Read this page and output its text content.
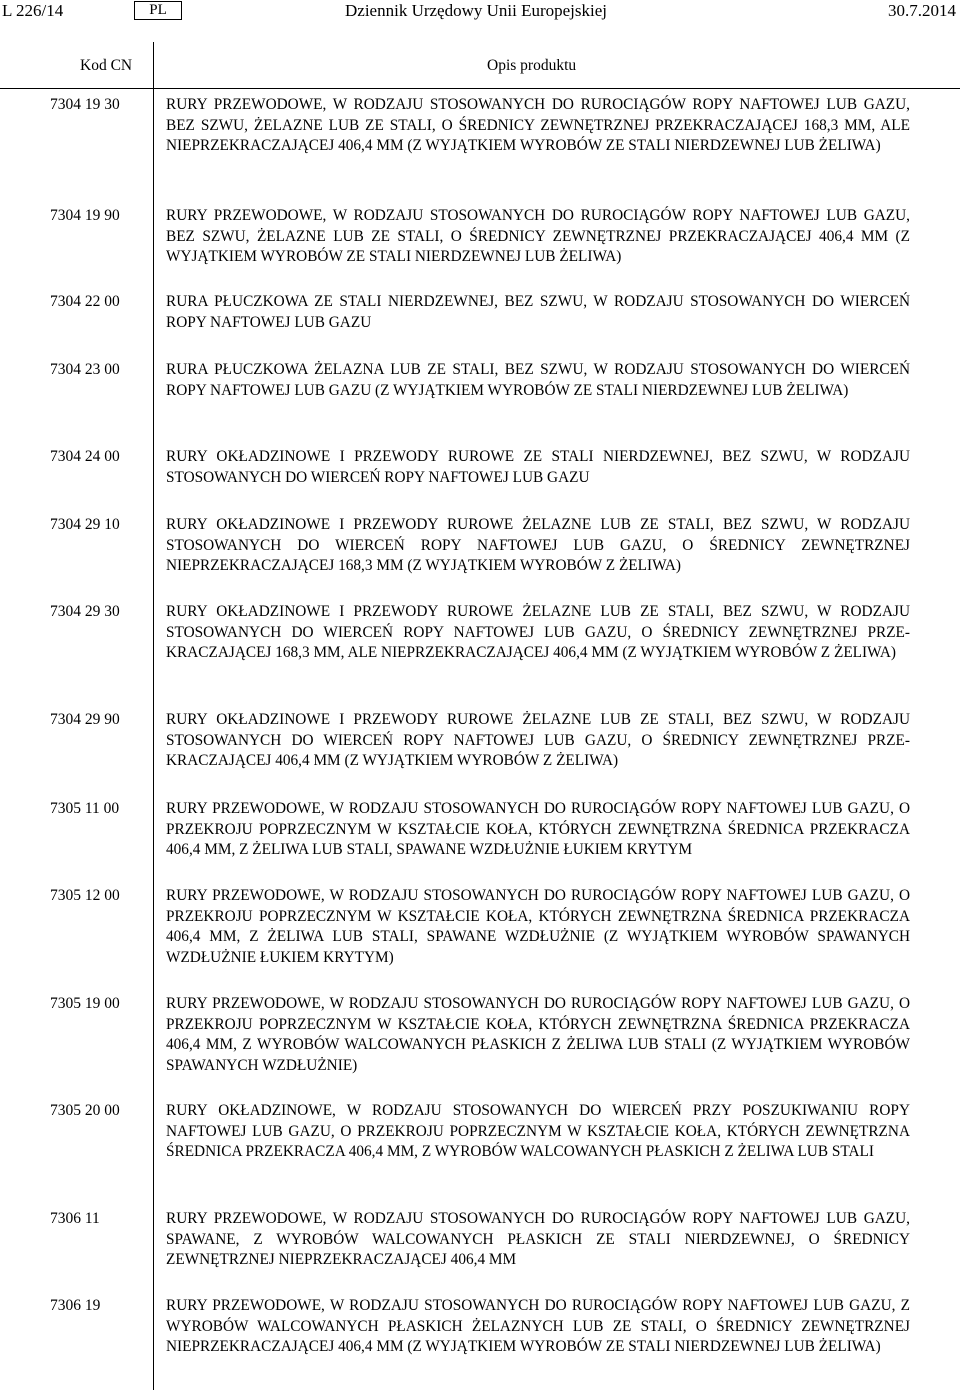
L 226/14	PL	Dziennik Urzędowy Unii Europejskiej	30.7.2014
Kod CN	Opis produktu
7304 19 30	RURY PRZEWODOWE, W RODZAJU STOSOWANYCH DO RUROCIĄGÓW ROPY NAFTOWEJ LUB GAZU, BEZ SZWU, ŻELAZNE LUB ZE STALI, O ŚREDNICY ZEWNĘTRZNEJ PRZEKRACZAJĄCEJ 168,3 MM, ALE NIEPRZEKRACZAJĄCEJ 406,4 MM (Z WYJĄTKIEM WYROBÓW ZE STALI NIERDZEWNEJ LUB ŻELIWA)
7304 19 90	RURY PRZEWODOWE, W RODZAJU STOSOWANYCH DO RUROCIĄGÓW ROPY NAFTOWEJ LUB GAZU, BEZ SZWU, ŻELAZNE LUB ZE STALI, O ŚREDNICY ZEWNĘTRZNEJ PRZEKRACZAJĄCEJ 406,4 MM (Z WYJĄTKIEM WYROBÓW ZE STALI NIERDZEWNEJ LUB ŻELIWA)
7304 22 00	RURA PŁUCZKOWA ZE STALI NIERDZEWNEJ, BEZ SZWU, W RODZAJU STOSOWANYCH DO WIERCEŃ ROPY NAFTOWEJ LUB GAZU
7304 23 00	RURA PŁUCZKOWA ŻELAZNA LUB ZE STALI, BEZ SZWU, W RODZAJU STOSOWANYCH DO WIERCEŃ ROPY NAFTOWEJ LUB GAZU (Z WYJĄTKIEM WYROBÓW ZE STALI NIERDZEWNEJ LUB ŻELIWA)
7304 24 00	RURY OKŁADZINOWE I PRZEWODY RUROWE ZE STALI NIERDZEWNEJ, BEZ SZWU, W RODZAJU STOSOWANYCH DO WIERCEŃ ROPY NAFTOWEJ LUB GAZU
7304 29 10	RURY OKŁADZINOWE I PRZEWODY RUROWE ŻELAZNE LUB ZE STALI, BEZ SZWU, W RODZAJU STOSOWANYCH DO WIERCEŃ ROPY NAFTOWEJ LUB GAZU, O ŚREDNICY ZEWNĘTRZNEJ NIEPRZEKRACZAJĄCEJ 168,3 MM (Z WYJĄTKIEM WYROBÓW Z ŻELIWA)
7304 29 30	RURY OKŁADZINOWE I PRZEWODY RUROWE ŻELAZNE LUB ZE STALI, BEZ SZWU, W RODZAJU STOSOWANYCH DO WIERCEŃ ROPY NAFTOWEJ LUB GAZU, O ŚREDNICY ZEWNĘTRZNEJ PRZEKRACZAJĄCEJ 168,3 MM, ALE NIEPRZEKRACZAJĄCEJ 406,4 MM (Z WYJĄTKIEM WYROBÓW Z ŻELIWA)
7304 29 90	RURY OKŁADZINOWE I PRZEWODY RUROWE ŻELAZNE LUB ZE STALI, BEZ SZWU, W RODZAJU STOSOWANYCH DO WIERCEŃ ROPY NAFTOWEJ LUB GAZU, O ŚREDNICY ZEWNĘTRZNEJ PRZEKRACZAJĄCEJ 406,4 MM (Z WYJĄTKIEM WYROBÓW Z ŻELIWA)
7305 11 00	RURY PRZEWODOWE, W RODZAJU STOSOWANYCH DO RUROCIĄGÓW ROPY NAFTOWEJ LUB GAZU, O PRZEKROJU POPRZECZNYM W KSZTAŁCIE KOŁA, KTÓRYCH ZEWNĘTRZNA ŚREDNICA PRZEKRACZA 406,4 MM, Z ŻELIWA LUB STALI, SPAWANE WZDŁUŻNIE ŁUKIEM KRYTYM
7305 12 00	RURY PRZEWODOWE, W RODZAJU STOSOWANYCH DO RUROCIĄGÓW ROPY NAFTOWEJ LUB GAZU, O PRZEKROJU POPRZECZNYM W KSZTAŁCIE KOŁA, KTÓRYCH ZEWNĘTRZNA ŚREDNICA PRZEKRACZA 406,4 MM, Z ŻELIWA LUB STALI, SPAWANE WZDŁUŻNIE (Z WYJĄTKIEM WYROBÓW SPAWANYCH WZDŁUŻNIE ŁUKIEM KRYTYM)
7305 19 00	RURY PRZEWODOWE, W RODZAJU STOSOWANYCH DO RUROCIĄGÓW ROPY NAFTOWEJ LUB GAZU, O PRZEKROJU POPRZECZNYM W KSZTAŁCIE KOŁA, KTÓRYCH ZEWNĘTRZNA ŚREDNICA PRZEKRACZA 406,4 MM, Z WYROBÓW WALCOWANYCH PŁASKICH Z ŻELIWA LUB STALI (Z WYJĄTKIEM WYROBÓW SPAWANYCH WZDŁUŻNIE)
7305 20 00	RURY OKŁADZINOWE, W RODZAJU STOSOWANYCH DO WIERCEŃ PRZY POSZUKIWANIU ROPY NAFTOWEJ LUB GAZU, O PRZEKROJU POPRZECZNYM W KSZTAŁCIE KOŁA, KTÓRYCH ZEWNĘTRZNA ŚREDNICA PRZEKRACZA 406,4 MM, Z WYROBÓW WALCOWANYCH PŁASKICH Z ŻELIWA LUB STALI
7306 11	RURY PRZEWODOWE, W RODZAJU STOSOWANYCH DO RUROCIĄGÓW ROPY NAFTOWEJ LUB GAZU, SPAWANE, Z WYROBÓW WALCOWANYCH PŁASKICH ZE STALI NIERDZEWNEJ, O ŚREDNICY ZEWNĘTRZNEJ NIEPRZEKRACZAJĄCEJ 406,4 MM
7306 19	RURY PRZEWODOWE, W RODZAJU STOSOWANYCH DO RUROCIĄGÓW ROPY NAFTOWEJ LUB GAZU, Z WYROBÓW WALCOWANYCH PŁASKICH ŻELAZNYCH LUB ZE STALI, O ŚREDNICY ZEWNĘTRZNEJ NIEPRZEKRACZAJĄCEJ 406,4 MM (Z WYJĄTKIEM WYROBÓW ZE STALI NIERDZEWNEJ LUB ŻELIWA)
